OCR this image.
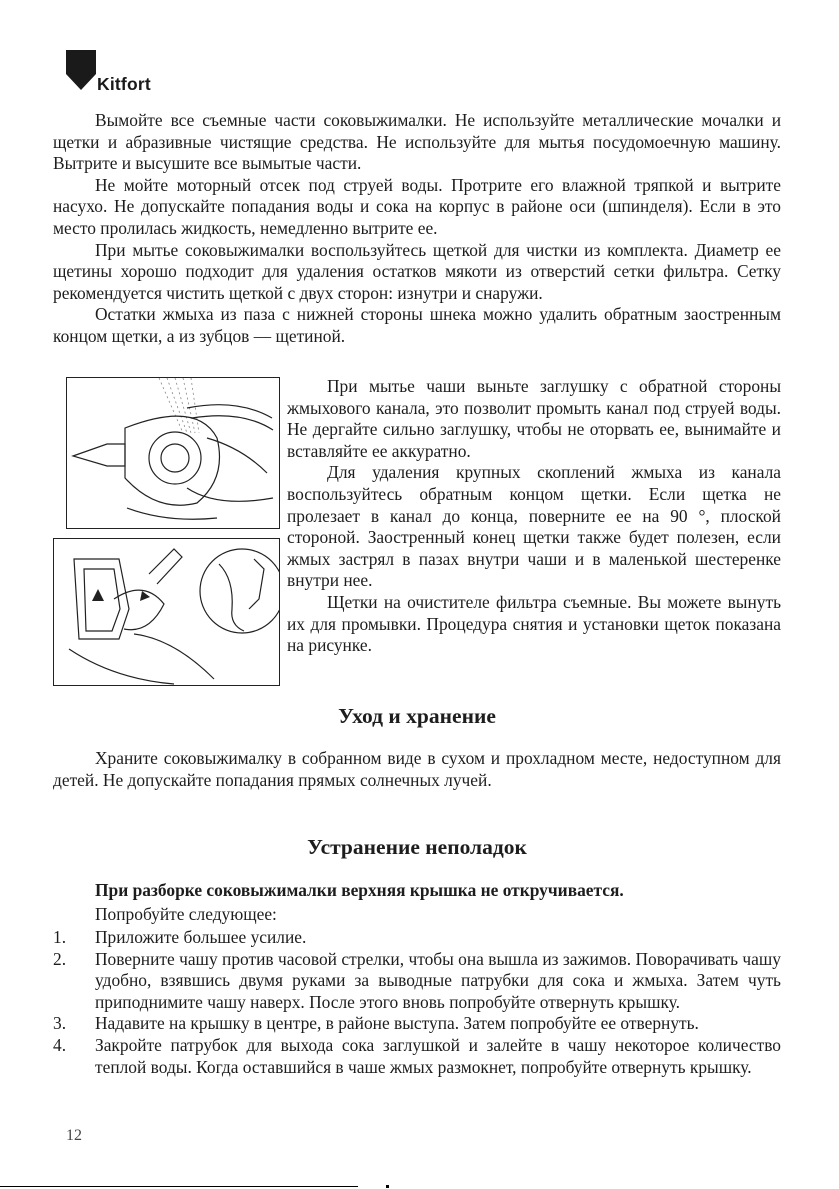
Kitfort

Вымойте все съемные части соковыжималки. Не используйте металлические мочалки и щетки и абразивные чистящие средства. Не используйте для мытья посудомоечную машину. Вытрите и высушите все вымытые части.

Не мойте моторный отсек под струей воды. Протрите его влажной тряпкой и вытрите насухо. Не допускайте попадания воды и сока на корпус в районе оси (шпинделя). Если в это место пролилась жидкость, немедленно вытрите ее.

При мытье соковыжималки воспользуйтесь щеткой для чистки из комплекта. Диаметр ее щетины хорошо подходит для удаления остатков мякоти из отверстий сетки фильтра. Сетку рекомендуется чистить щеткой с двух сторон: изнутри и снаружи.

Остатки жмыха из паза с нижней стороны шнека можно удалить обратным заостренным концом щетки, а из зубцов — щетиной.

При мытье чаши выньте заглушку с обратной стороны жмыхового канала, это позволит промыть канал под струей воды. Не дергайте сильно заглушку, чтобы не оторвать ее, вынимайте и вставляйте ее аккуратно.

Для удаления крупных скоплений жмыха из канала воспользуйтесь обратным концом щетки. Если щетка не пролезает в канал до конца, поверните ее на 90 °, плоской стороной. Заостренный конец щетки также будет полезен, если жмых застрял в пазах внутри чаши и в маленькой шестеренке внутри нее.

Щетки на очистителе фильтра съемные. Вы можете вынуть их для промывки. Процедура снятия и установки щеток показана на рисунке.

Уход и хранение

Храните соковыжималку в собранном виде в сухом и прохладном месте, недоступном для детей. Не допускайте попадания прямых солнечных лучей.

Устранение неполадок
При разборке соковыжималки верхняя крышка не откручивается.
Попробуйте следующее:
1. Приложите большее усилие.
2. Поверните чашу против часовой стрелки, чтобы она вышла из зажимов. Поворачивать чашу удобно, взявшись двумя руками за выводные патрубки для сока и жмыха. Затем чуть приподнимите чашу наверх. После этого вновь попробуйте отвернуть крышку.
3. Надавите на крышку в центре, в районе выступа. Затем попробуйте ее отвернуть.
4. Закройте патрубок для выхода сока заглушкой и залейте в чашу некоторое количество теплой воды. Когда оставшийся в чаше жмых размокнет, попробуйте отвернуть крышку.
12
